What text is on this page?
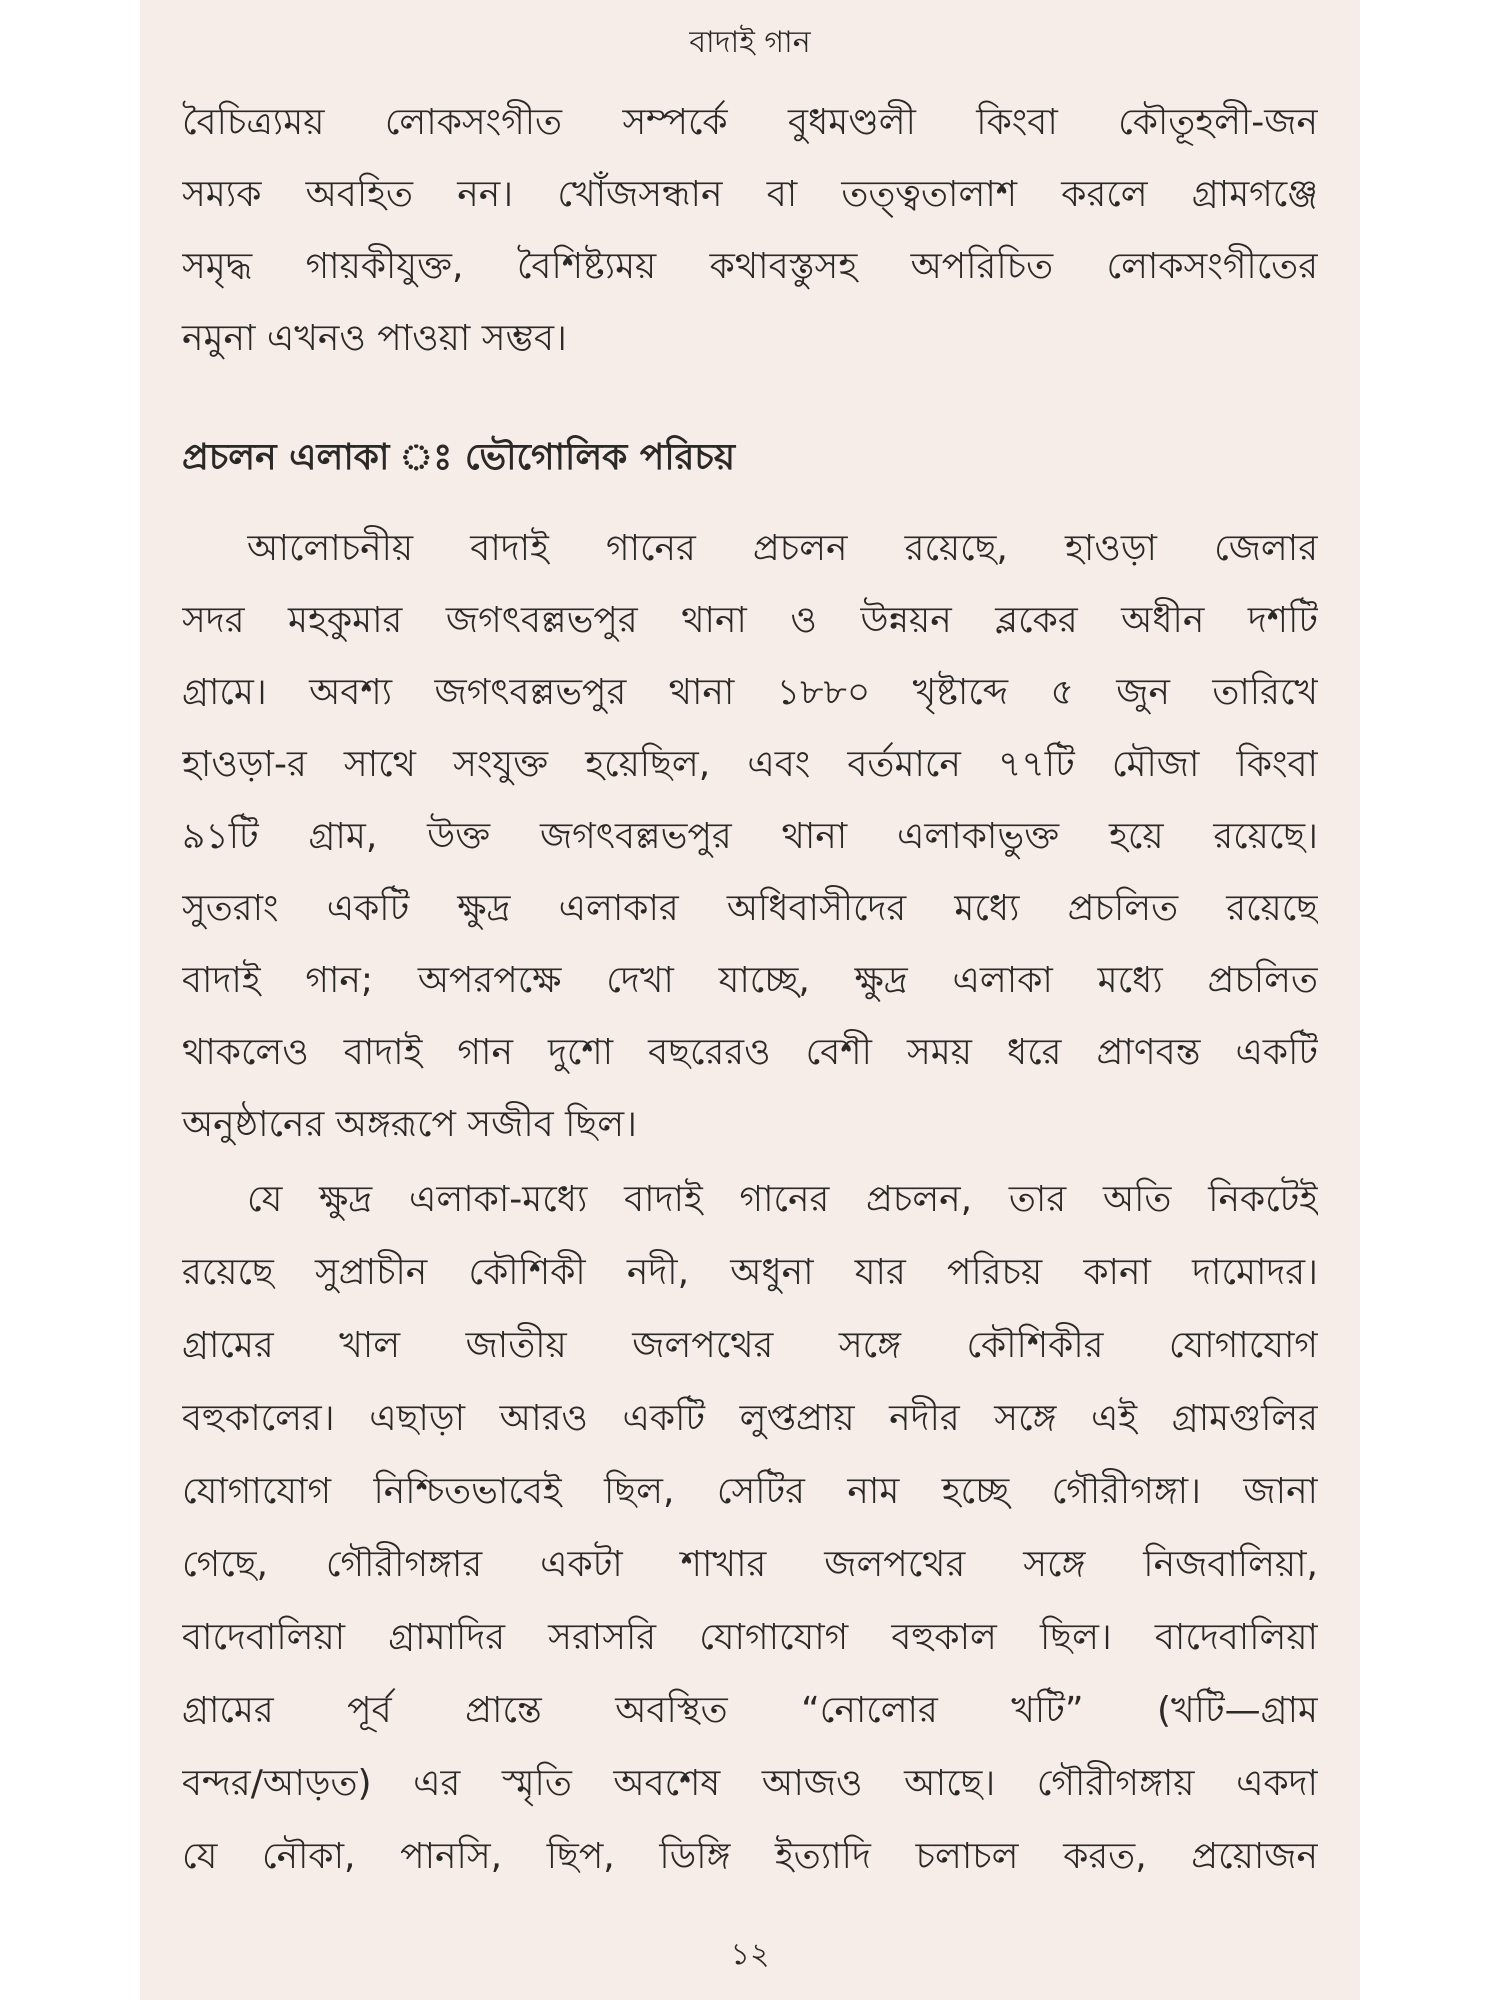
বাদাই গান
বৈচিত্র্যময় লোকসংগীত সম্পর্কে বুধমণ্ডলী কিংবা কৌতূহলী-জন
সম্যক অবহিত নন। খোঁজসন্ধান বা তত্ত্বতালাশ করলে গ্রামগঞ্জে
সমৃদ্ধ গায়কীযুক্ত, বৈশিষ্ট্যময় কথাবস্তুসহ অপরিচিত লোকসংগীতের
নমুনা এখনও পাওয়া সম্ভব।
প্রচলন এলাকা ঃ ভৌগোলিক পরিচয়
আলোচনীয় বাদাই গানের প্রচলন রয়েছে, হাওড়া জেলার
সদর মহকুমার জগৎবল্লভপুর থানা ও উন্নয়ন ব্লকের অধীন দশটি
গ্রামে। অবশ্য জগৎবল্লভপুর থানা ১৮৮০ খৃষ্টাব্দে ৫ জুন তারিখে
হাওড়া-র সাথে সংযুক্ত হয়েছিল, এবং বর্তমানে ৭৭টি মৌজা কিংবা
৯১টি গ্রাম, উক্ত জগৎবল্লভপুর থানা এলাকাভুক্ত হয়ে রয়েছে।
সুতরাং একটি ক্ষুদ্র এলাকার অধিবাসীদের মধ্যে প্রচলিত রয়েছে
বাদাই গান; অপরপক্ষে দেখা যাচ্ছে, ক্ষুদ্র এলাকা মধ্যে প্রচলিত
থাকলেও বাদাই গান দুশো বছরেরও বেশী সময় ধরে প্রাণবন্ত একটি
অনুষ্ঠানের অঙ্গরূপে সজীব ছিল।
যে ক্ষুদ্র এলাকা-মধ্যে বাদাই গানের প্রচলন, তার অতি নিকটেই
রয়েছে সুপ্রাচীন কৌশিকী নদী, অধুনা যার পরিচয় কানা দামোদর।
গ্রামের খাল জাতীয় জলপথের সঙ্গে কৌশিকীর যোগাযোগ
বহুকালের। এছাড়া আরও একটি লুপ্তপ্রায় নদীর সঙ্গে এই গ্রামগুলির
যোগাযোগ নিশ্চিতভাবেই ছিল, সেটির নাম হচ্ছে গৌরীগঙ্গা। জানা
গেছে, গৌরীগঙ্গার একটা শাখার জলপথের সঙ্গে নিজবালিয়া,
বাদেবালিয়া গ্রামাদির সরাসরি যোগাযোগ বহুকাল ছিল। বাদেবালিয়া
গ্রামের পূর্ব প্রান্তে অবস্থিত “নোলোর খটি” (খটি—গ্রাম
বন্দর/আড়ত) এর স্মৃতি অবশেষ আজও আছে। গৌরীগঙ্গায় একদা
যে নৌকা, পানসি, ছিপ, ডিঙ্গি ইত্যাদি চলাচল করত, প্রয়োজন
১২
